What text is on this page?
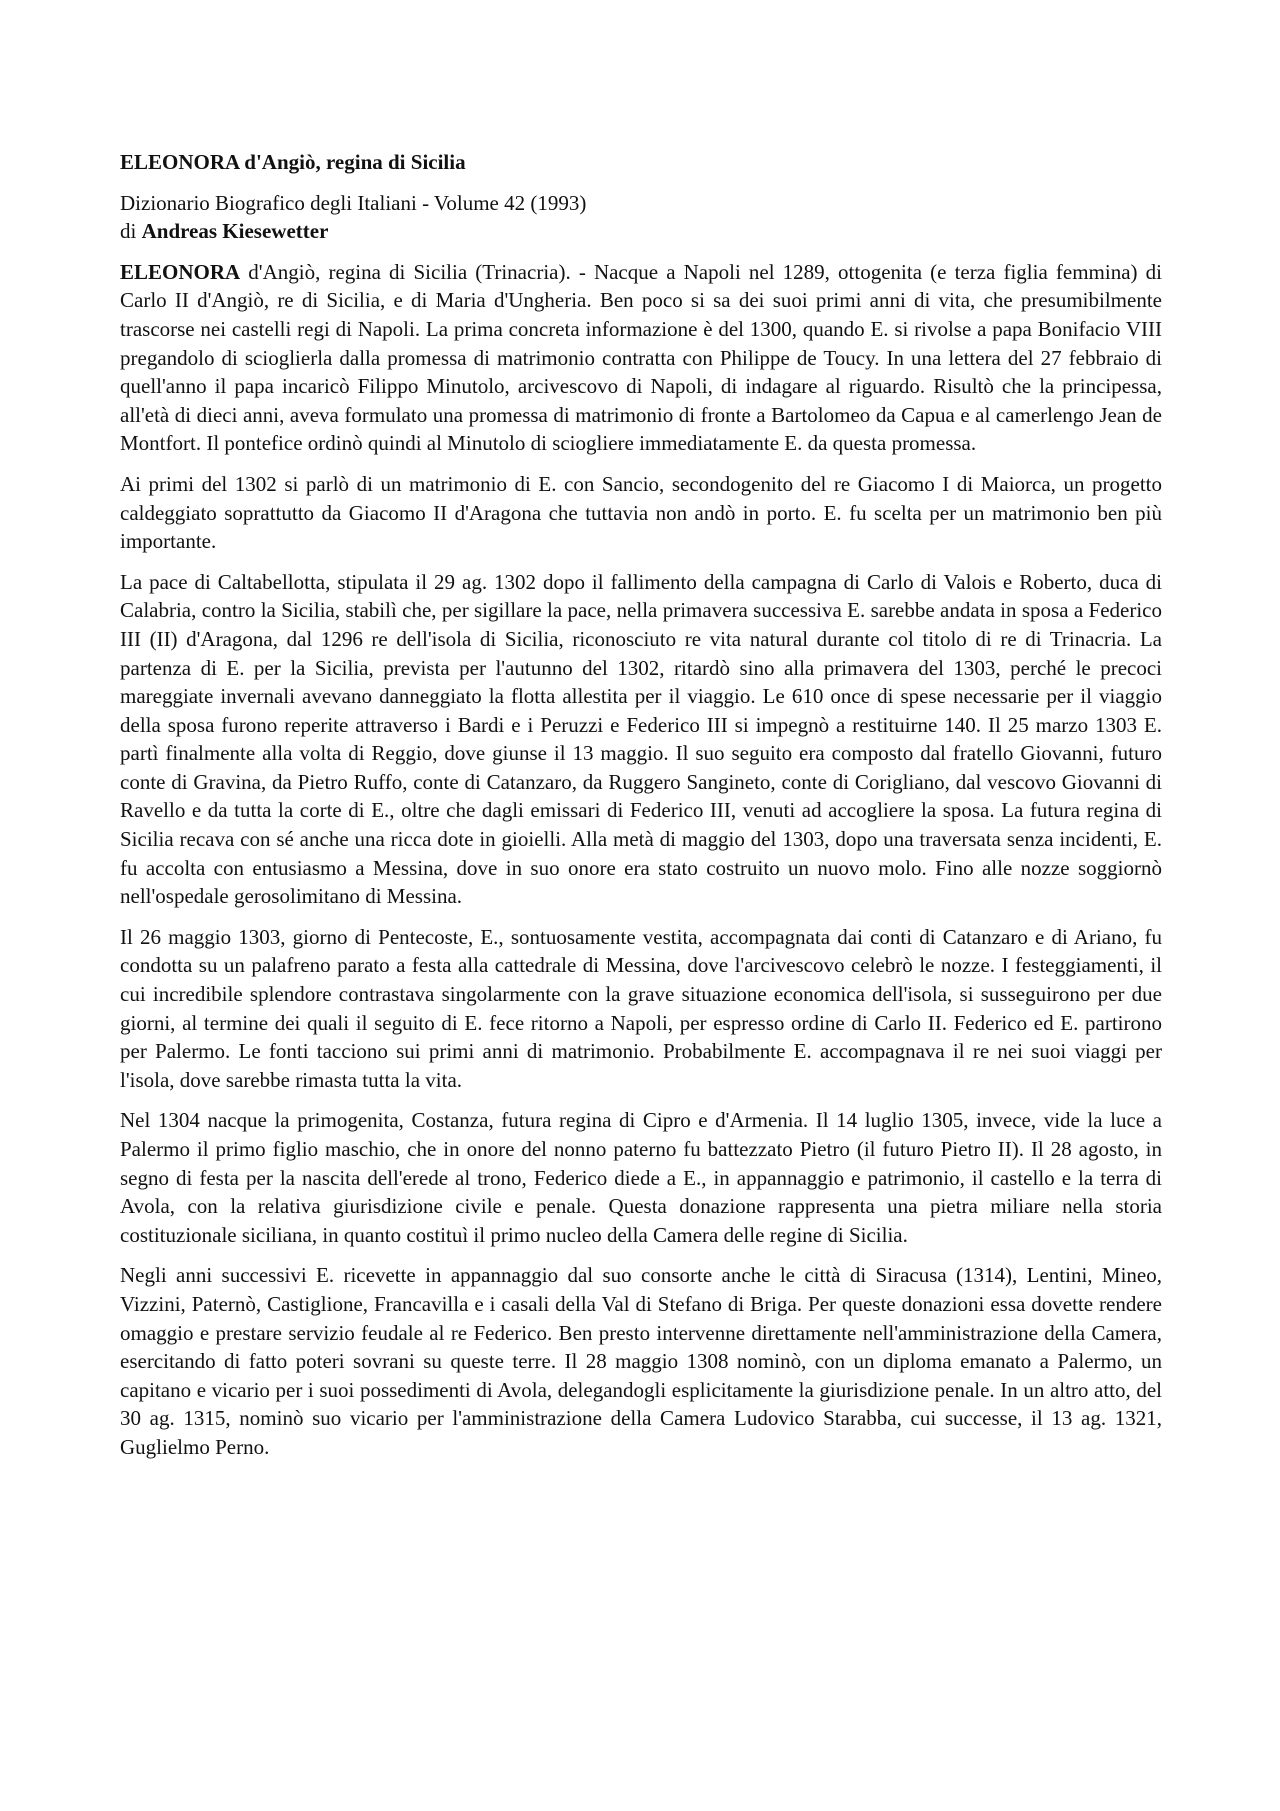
ELEONORA d'Angiò, regina di Sicilia
Dizionario Biografico degli Italiani - Volume 42 (1993)
di Andreas Kiesewetter

ELEONORA d'Angiò, regina di Sicilia (Trinacria). - Nacque a Napoli nel 1289, ottogenita (e terza figlia femmina) di Carlo II d'Angiò, re di Sicilia, e di Maria d'Ungheria. Ben poco si sa dei suoi primi anni di vita, che presumibilmente trascorse nei castelli regi di Napoli. La prima concreta informazione è del 1300, quando E. si rivolse a papa Bonifacio VIII pregandolo di scioglierla dalla promessa di matrimonio contratta con Philippe de Toucy. In una lettera del 27 febbraio di quell'anno il papa incaricò Filippo Minutolo, arcivescovo di Napoli, di indagare al riguardo. Risultò che la principessa, all'età di dieci anni, aveva formulato una promessa di matrimonio di fronte a Bartolomeo da Capua e al camerlengo Jean de Montfort. Il pontefice ordinò quindi al Minutolo di sciogliere immediatamente E. da questa promessa.

Ai primi del 1302 si parlò di un matrimonio di E. con Sancio, secondogenito del re Giacomo I di Maiorca, un progetto caldeggiato soprattutto da Giacomo II d'Aragona che tuttavia non andò in porto. E. fu scelta per un matrimonio ben più importante.

La pace di Caltabellotta, stipulata il 29 ag. 1302 dopo il fallimento della campagna di Carlo di Valois e Roberto, duca di Calabria, contro la Sicilia, stabilì che, per sigillare la pace, nella primavera successiva E. sarebbe andata in sposa a Federico III (II) d'Aragona, dal 1296 re dell'isola di Sicilia, riconosciuto re vita natural durante col titolo di re di Trinacria. La partenza di E. per la Sicilia, prevista per l'autunno del 1302, ritardò sino alla primavera del 1303, perché le precoci mareggiate invernali avevano danneggiato la flotta allestita per il viaggio. Le 610 once di spese necessarie per il viaggio della sposa furono reperite attraverso i Bardi e i Peruzzi e Federico III si impegnò a restituirne 140. Il 25 marzo 1303 E. partì finalmente alla volta di Reggio, dove giunse il 13 maggio. Il suo seguito era composto dal fratello Giovanni, futuro conte di Gravina, da Pietro Ruffo, conte di Catanzaro, da Ruggero Sangineto, conte di Corigliano, dal vescovo Giovanni di Ravello e da tutta la corte di E., oltre che dagli emissari di Federico III, venuti ad accogliere la sposa. La futura regina di Sicilia recava con sé anche una ricca dote in gioielli. Alla metà di maggio del 1303, dopo una traversata senza incidenti, E. fu accolta con entusiasmo a Messina, dove in suo onore era stato costruito un nuovo molo. Fino alle nozze soggiornò nell'ospedale gerosolimitano di Messina.

Il 26 maggio 1303, giorno di Pentecoste, E., sontuosamente vestita, accompagnata dai conti di Catanzaro e di Ariano, fu condotta su un palafreno parato a festa alla cattedrale di Messina, dove l'arcivescovo celebrò le nozze. I festeggiamenti, il cui incredibile splendore contrastava singolarmente con la grave situazione economica dell'isola, si susseguirono per due giorni, al termine dei quali il seguito di E. fece ritorno a Napoli, per espresso ordine di Carlo II. Federico ed E. partirono per Palermo. Le fonti tacciono sui primi anni di matrimonio. Probabilmente E. accompagnava il re nei suoi viaggi per l'isola, dove sarebbe rimasta tutta la vita.

Nel 1304 nacque la primogenita, Costanza, futura regina di Cipro e d'Armenia. Il 14 luglio 1305, invece, vide la luce a Palermo il primo figlio maschio, che in onore del nonno paterno fu battezzato Pietro (il futuro Pietro II). Il 28 agosto, in segno di festa per la nascita dell'erede al trono, Federico diede a E., in appannaggio e patrimonio, il castello e la terra di Avola, con la relativa giurisdizione civile e penale. Questa donazione rappresenta una pietra miliare nella storia costituzionale siciliana, in quanto costituì il primo nucleo della Camera delle regine di Sicilia.

Negli anni successivi E. ricevette in appannaggio dal suo consorte anche le città di Siracusa (1314), Lentini, Mineo, Vizzini, Paternò, Castiglione, Francavilla e i casali della Val di Stefano di Briga. Per queste donazioni essa dovette rendere omaggio e prestare servizio feudale al re Federico. Ben presto intervenne direttamente nell'amministrazione della Camera, esercitando di fatto poteri sovrani su queste terre. Il 28 maggio 1308 nominò, con un diploma emanato a Palermo, un capitano e vicario per i suoi possedimenti di Avola, delegandogli esplicitamente la giurisdizione penale. In un altro atto, del 30 ag. 1315, nominò suo vicario per l'amministrazione della Camera Ludovico Starabba, cui successe, il 13 ag. 1321, Guglielmo Perno.
